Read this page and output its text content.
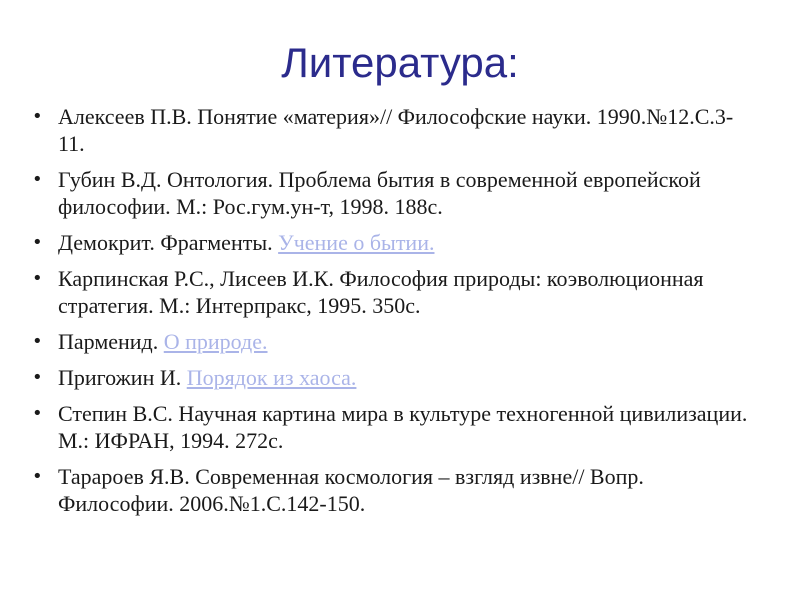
Литература:
• Алексеев П.В. Понятие «материя»// Философские науки. 1990.№12.С.3-11.
• Губин В.Д. Онтология. Проблема бытия в современной европейской философии. М.: Рос.гум.ун-т, 1998. 188с.
• Демокрит. Фрагменты. Учение о бытии.
• Карпинская Р.С., Лисеев И.К. Философия природы: коэволюционная стратегия. М.: Интерпракс, 1995. 350с.
• Парменид. О природе.
• Пригожин И. Порядок из хаоса.
• Степин В.С. Научная картина мира в культуре техногенной цивилизации. М.: ИФРАН, 1994. 272с.
• Тарароев Я.В. Современная космология – взгляд извне// Вопр. Философии. 2006.№1.С.142-150.
